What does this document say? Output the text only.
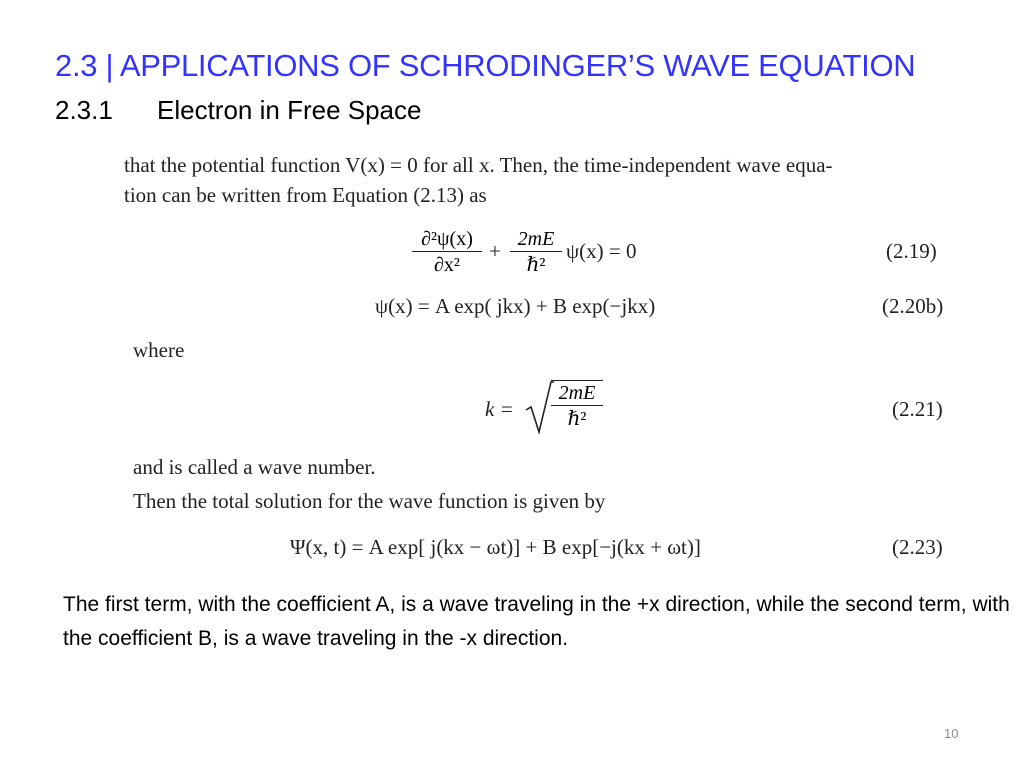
2.3 | APPLICATIONS OF SCHRODINGER’S WAVE EQUATION
2.3.1 Electron in Free Space
that the potential function V(x) = 0 for all x. Then, the time-independent wave equa-
tion can be written from Equation (2.13) as
$\frac{\text{∂²ψ(x)}}{\text{∂x²}} + 2mE$
ℏ²
ψ(x) = 0	(2.19)
ψ(x) = A exp( jkx) + B exp(−jkx)	(2.20b)
where
k =
2mE
ℏ²	(2.21)
and is called a wave number.
Then the total solution for the wave function is given by
Ψ(x, t) = A exp[ j(kx − ωt)] + B exp[−j(kx + ωt)]	(2.23)
The first term, with the coefficient A, is a wave traveling in the +x direction, while the second term, with the coefficient B, is a wave traveling in the -x direction.
10
